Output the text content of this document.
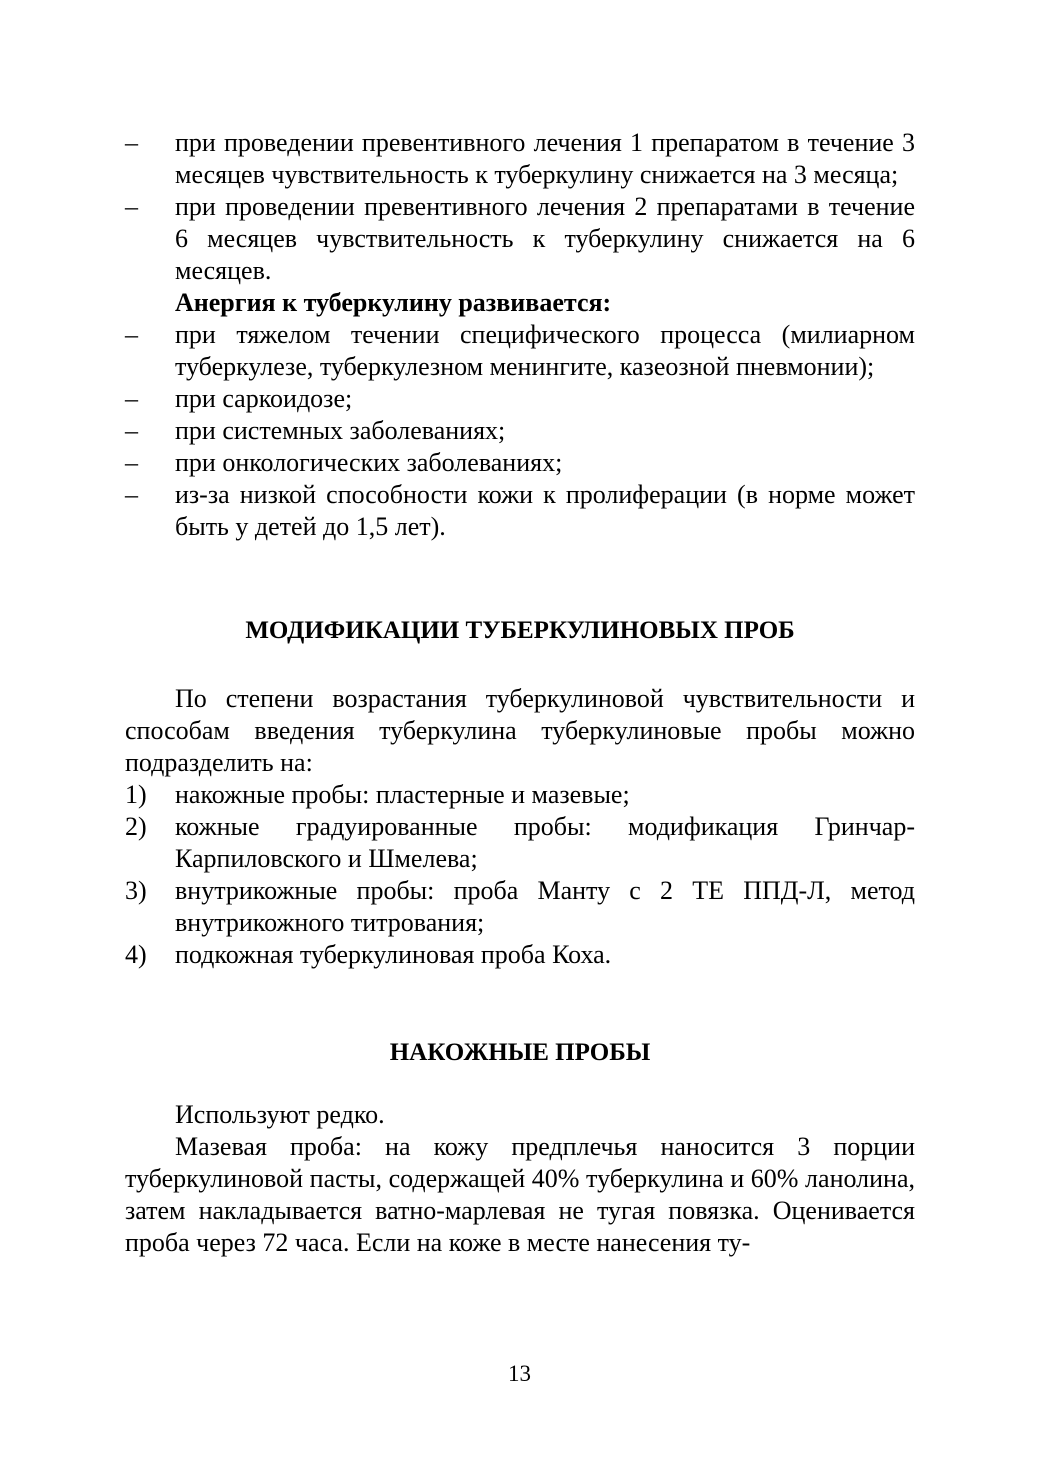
– при проведении превентивного лечения 1 препаратом в течение 3 месяцев чувствительность к туберкулину снижается на 3 месяца;
– при проведении превентивного лечения 2 препаратами в течение 6 месяцев чувствительность к туберкулину снижается на 6 месяцев.
Анергия к туберкулину развивается:
– при тяжелом течении специфического процесса (милиарном туберкулезе, туберкулезном менингите, казеозной пневмонии);
– при саркоидозе;
– при системных заболеваниях;
– при онкологических заболеваниях;
– из-за низкой способности кожи к пролиферации (в норме может быть у детей до 1,5 лет).
МОДИФИКАЦИИ ТУБЕРКУЛИНОВЫХ ПРОБ
По степени возрастания туберкулиновой чувствительности и способам введения туберкулина туберкулиновые пробы можно подразделить на:
1) накожные пробы: пластерные и мазевые;
2) кожные градуированные пробы: модификация Гринчар-Карпиловского и Шмелева;
3) внутрикожные пробы: проба Манту с 2 ТЕ ППД-Л, метод внутрикожного титрования;
4) подкожная туберкулиновая проба Коха.
НАКОЖНЫЕ ПРОБЫ
Используют редко.
Мазевая проба: на кожу предплечья наносится 3 порции туберкулиновой пасты, содержащей 40% туберкулина и 60% ланолина, затем накладывается ватно-марлевая не тугая повязка. Оценивается проба через 72 часа. Если на коже в месте нанесения ту-
13
